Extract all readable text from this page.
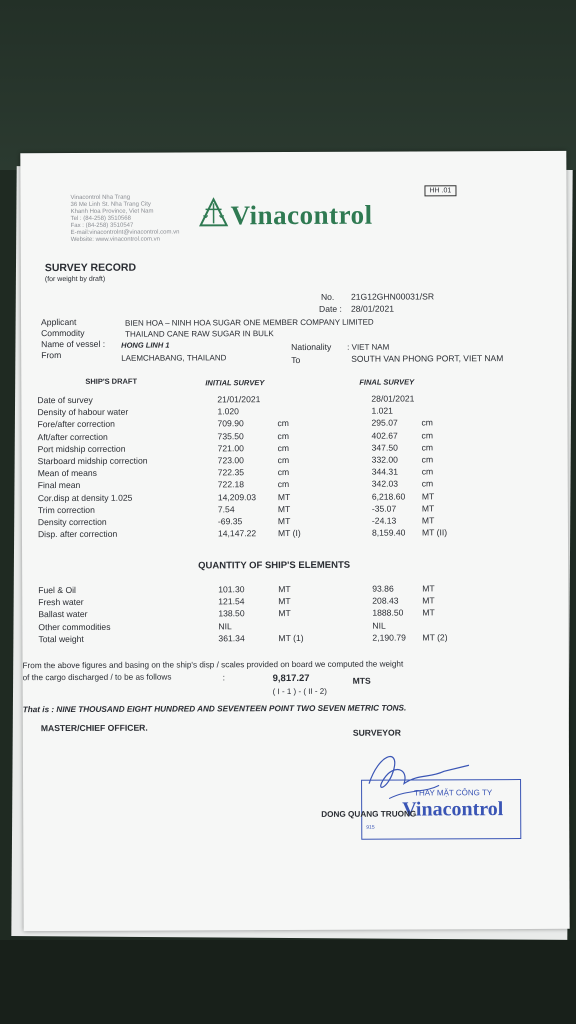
Vinacontrol Nha Trang
36 Me Linh St. Nha Trang City
Khanh Hoa Province, Viet Nam
Tel : (84-258) 3510568
Fax : (84-258) 3510547
E-mail:vinacontrolnt@vinacontrol.com.vn
Website: www.vinacontrol.com.vn
HH .01
Vinacontrol
SURVEY RECORD
(for weight by draft)
No. 21G12GHN00031/SR
Date : 28/01/2021
Applicant	BIEN HOA – NINH HOA SUGAR ONE MEMBER COMPANY LIMITED
Commodity	THAILAND CANE RAW SUGAR IN BULK
Name of vessel : HONG LINH 1	Nationality : VIET NAM
From	LAEMCHABANG, THAILAND	To	SOUTH VAN PHONG PORT, VIET NAM
SHIP'S DRAFT	INITIAL SURVEY	FINAL SURVEY
Date of survey	21/01/2021	28/01/2021
Density of habour water	1.020	1.021
Fore/after correction	709.90	cm	295.07	cm
Aft/after correction	735.50	cm	402.67	cm
Port midship correction	721.00	cm	347.50	cm
Starboard midship correction	723.00	cm	332.00	cm
Mean of means	722.35	cm	344.31	cm
Final mean	722.18	cm	342.03	cm
Cor.disp at density 1.025	14,209.03	MT	6,218.60 MT
Trim correction	7.54	MT	-35.07	MT
Density correction	-69.35	MT	-24.13	MT
Disp. after correction	14,147.22	MT (I)	8,159.40 MT (II)
QUANTITY OF SHIP'S ELEMENTS
Fuel & Oil	101.30	MT	93.86	MT
Fresh water	121.54	MT	208.43	MT
Ballast water	138.50	MT	1888.50 MT
Other commodities	NIL	NIL
Total weight	361.34	MT (1)	2,190.79 MT (2)
From the above figures and basing on the ship's disp / scales provided on board we computed the weight
of the cargo discharged / to be as follows	:	9,817.27	MTS
( I - 1 ) - ( II - 2)
That is : NINE THOUSAND EIGHT HUNDRED AND SEVENTEEN POINT TWO SEVEN METRIC TONS.
MASTER/CHIEF OFFICER.	SURVEYOR
THAY MẶT CÔNG TY
Vinacontrol
915
DONG QUANG TRUONG
